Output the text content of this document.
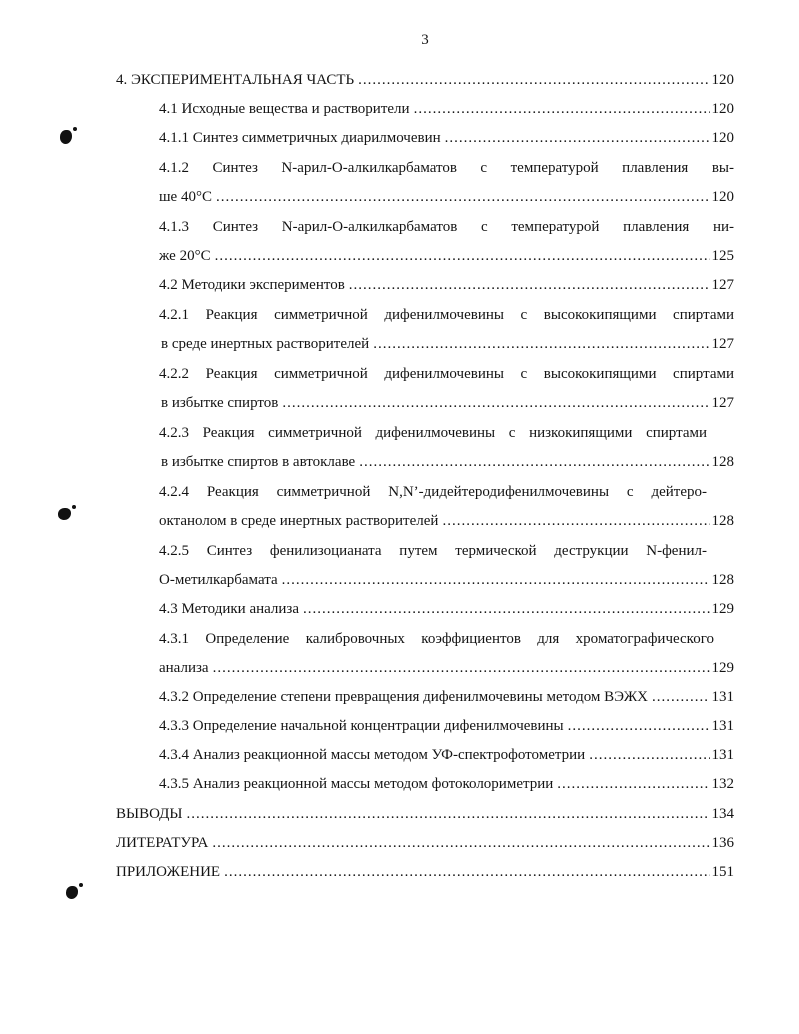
3
4. ЭКСПЕРИМЕНТАЛЬНАЯ ЧАСТЬ .....	120
4.1 Исходные вещества и растворители .....	120
4.1.1 Синтез симметричных диарилмочевин .....	120
4.1.2 Синтез N-арил-О-алкилкарбаматов с температурой плавления вы-
ше 40°С .....	120
4.1.3 Синтез N-арил-О-алкилкарбаматов с температурой плавления ни-
же 20°С .....	125
4.2 Методики экспериментов .....	127
4.2.1 Реакция симметричной дифенилмочевины с высококипящими спиртами
в среде инертных растворителей .....	127
4.2.2 Реакция симметричной дифенилмочевины с высококипящими спиртами
в избытке спиртов .....	127
4.2.3 Реакция симметричной дифенилмочевины с низкокипящими спиртами
в избытке спиртов в автоклаве .....	128
4.2.4 Реакция симметричной N,N’-дидейтеродифенилмочевины с дейтеро-
октанолом в среде инертных растворителей .....	128
4.2.5 Синтез фенилизоцианата путем термической деструкции N-фенил-
О-метилкарбамата .....	128
4.3 Методики анализа .....	129
4.3.1 Определение калибровочных коэффициентов для хроматографического
анализа .....	129
4.3.2 Определение степени превращения дифенилмочевины методом ВЭЖХ .....	131
4.3.3 Определение начальной концентрации дифенилмочевины .....	131
4.3.4 Анализ реакционной массы методом УФ-спектрофотометрии .....	131
4.3.5 Анализ реакционной массы методом фотоколориметрии .....	132
ВЫВОДЫ .....	134
ЛИТЕРАТУРА .....	136
ПРИЛОЖЕНИЕ .....	151
